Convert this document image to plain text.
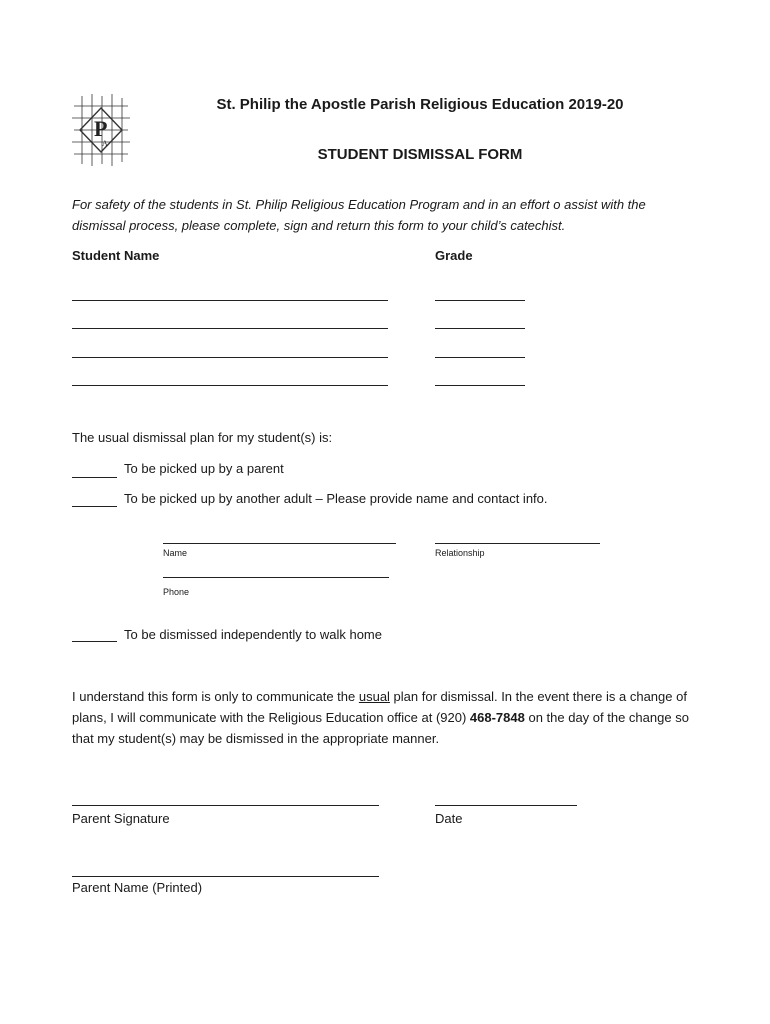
P
A
St. Philip the Apostle Parish Religious Education 2019-20
STUDENT DISMISSAL FORM
For safety of the students in St. Philip Religious Education Program and in an effort o assist with the dismissal process, please complete, sign and return this form to your child’s catechist.
Student Name	Grade
The usual dismissal plan for my student(s) is:
To be picked up by a parent
To be picked up by another adult – Please provide name and contact info.
Name	Relationship
Phone
To be dismissed independently to walk home
I understand this form is only to communicate the usual plan for dismissal. In the event there is a change of plans, I will communicate with the Religious Education office at (920) 468-7848 on the day of the change so that my student(s) may be dismissed in the appropriate manner.
Parent Signature	Date
Parent Name (Printed)
